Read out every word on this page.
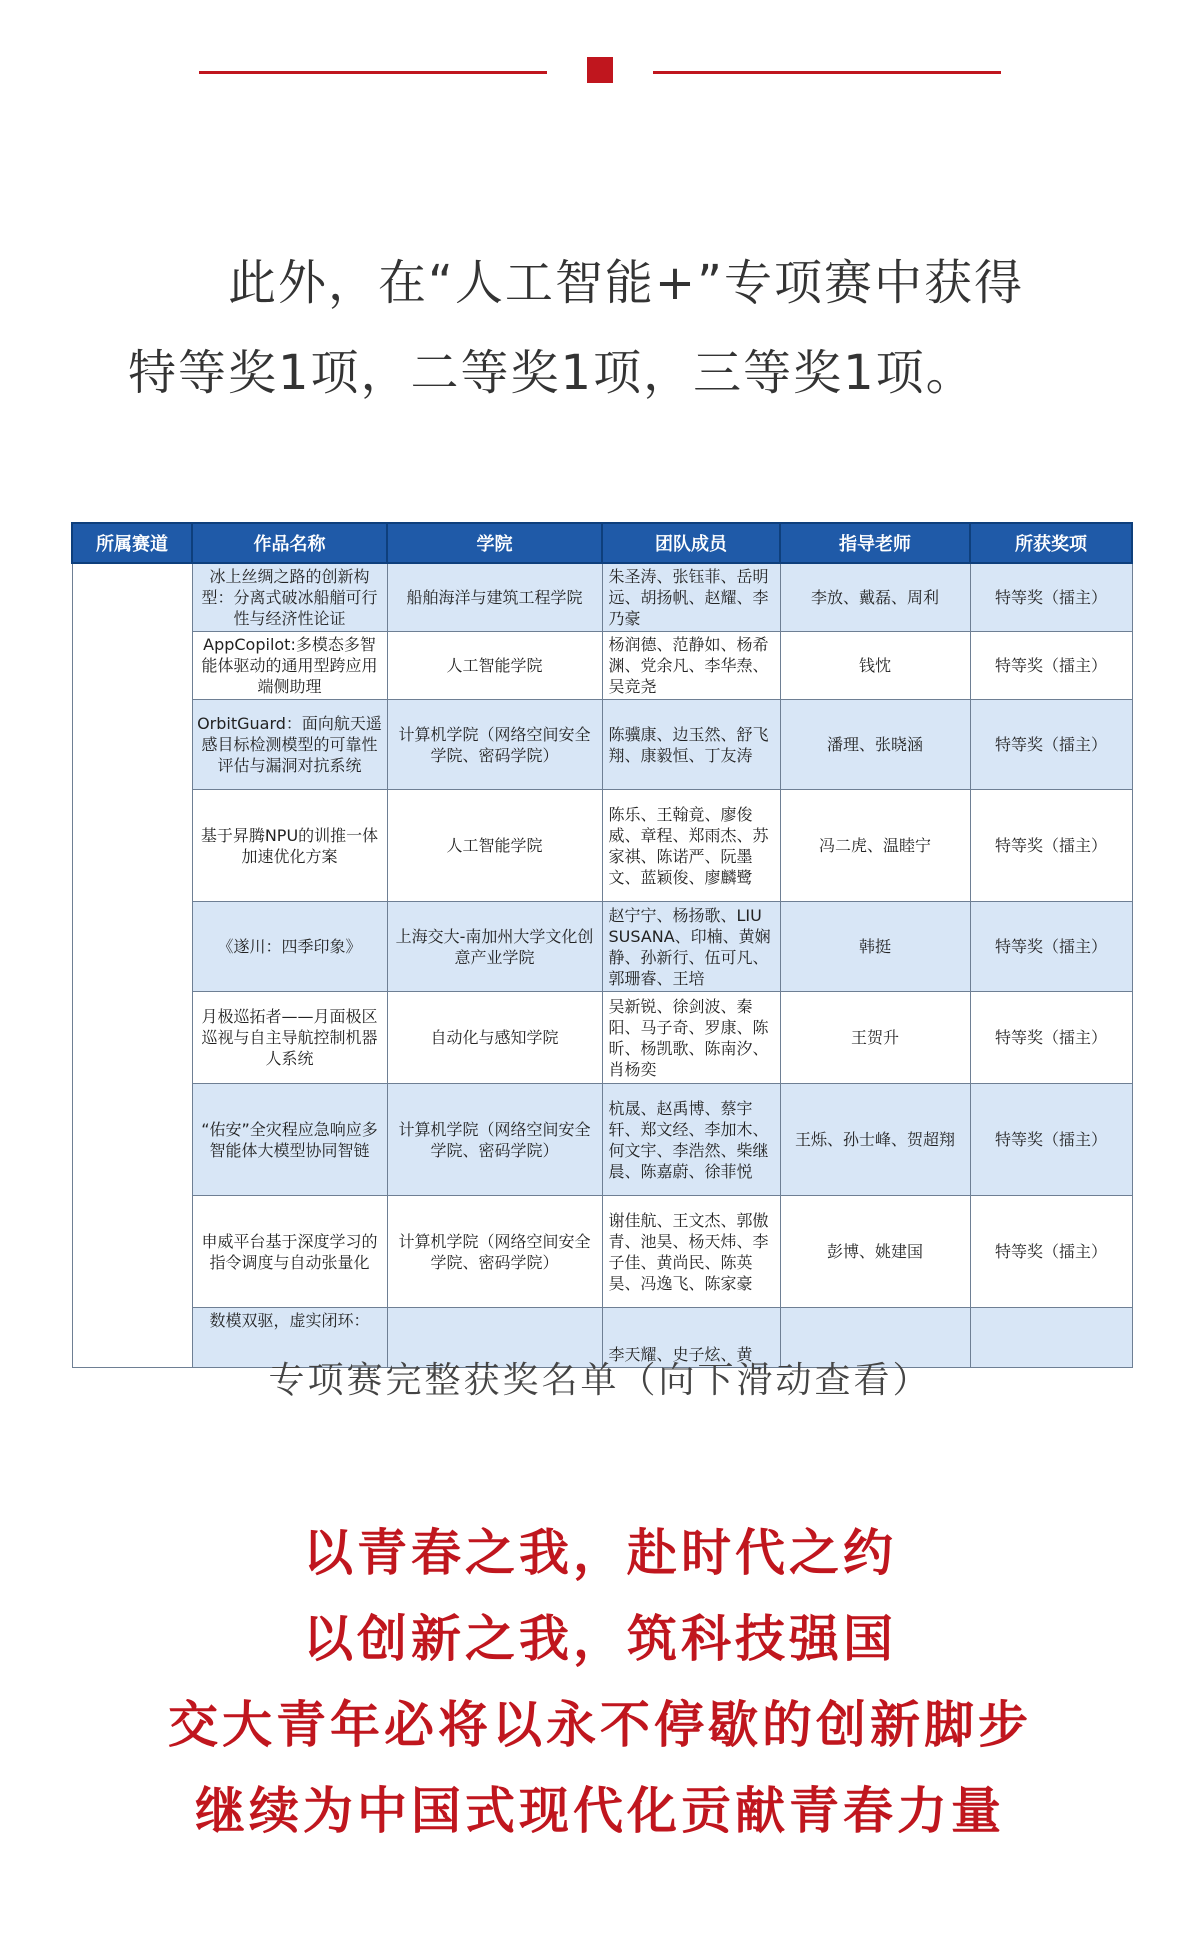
此外，在“人工智能+”专项赛中获得

特等奖1项，二等奖1项，三等奖1项。

所属赛道	作品名称	学院	团队成员	指导老师	所获奖项
	冰上丝绸之路的创新构型：分离式破冰船艏可行性与经济性论证	船舶海洋与建筑工程学院	朱圣涛、张钰菲、岳明远、胡扬帆、赵耀、李乃豪	李放、戴磊、周利	特等奖（擂主）
	AppCopilot:多模态多智能体驱动的通用型跨应用端侧助理	人工智能学院	杨润德、范静如、杨希渊、党余凡、李华焘、吴竞尧	钱忱	特等奖（擂主）
	OrbitGuard：面向航天遥感目标检测模型的可靠性评估与漏洞对抗系统	计算机学院（网络空间安全学院、密码学院）	陈骥康、边玉然、舒飞翔、康毅恒、丁友涛	潘理、张晓涵	特等奖（擂主）
	基于昇腾NPU的训推一体加速优化方案	人工智能学院	陈乐、王翰竟、廖俊威、章程、郑雨杰、苏家祺、陈诺严、阮墨文、蓝颖俊、廖麟鹭	冯二虎、温睦宁	特等奖（擂主）
	《遂川：四季印象》	上海交大-南加州大学文化创意产业学院	赵宁宁、杨扬歌、LIU SUSANA、印楠、黄娴静、孙新行、伍可凡、郭珊睿、王培	韩挺	特等奖（擂主）
	月极巡拓者——月面极区巡视与自主导航控制机器人系统	自动化与感知学院	吴新锐、徐剑波、秦阳、马子奇、罗康、陈昕、杨凯歌、陈南汐、肖杨奕	王贺升	特等奖（擂主）
	“佑安”全灾程应急响应多智能体大模型协同智链	计算机学院（网络空间安全学院、密码学院）	杭晟、赵禹博、蔡宇轩、郑文经、李加木、何文宇、李浩然、柴继晨、陈嘉蔚、徐菲悦	王烁、孙士峰、贺超翔	特等奖（擂主）
	申威平台基于深度学习的指令调度与自动张量化	计算机学院（网络空间安全学院、密码学院）	谢佳航、王文杰、郭傲青、池昊、杨天炜、李子佳、黄尚民、陈英昊、冯逸飞、陈家豪	彭博、姚建国	特等奖（擂主）
	数模双驱，虚实闭环：		李天耀、史子炫、黄		
专项赛完整获奖名单（向下滑动查看）
以青春之我，赴时代之约
以创新之我，筑科技强国
交大青年必将以永不停歇的创新脚步
继续为中国式现代化贡献青春力量
